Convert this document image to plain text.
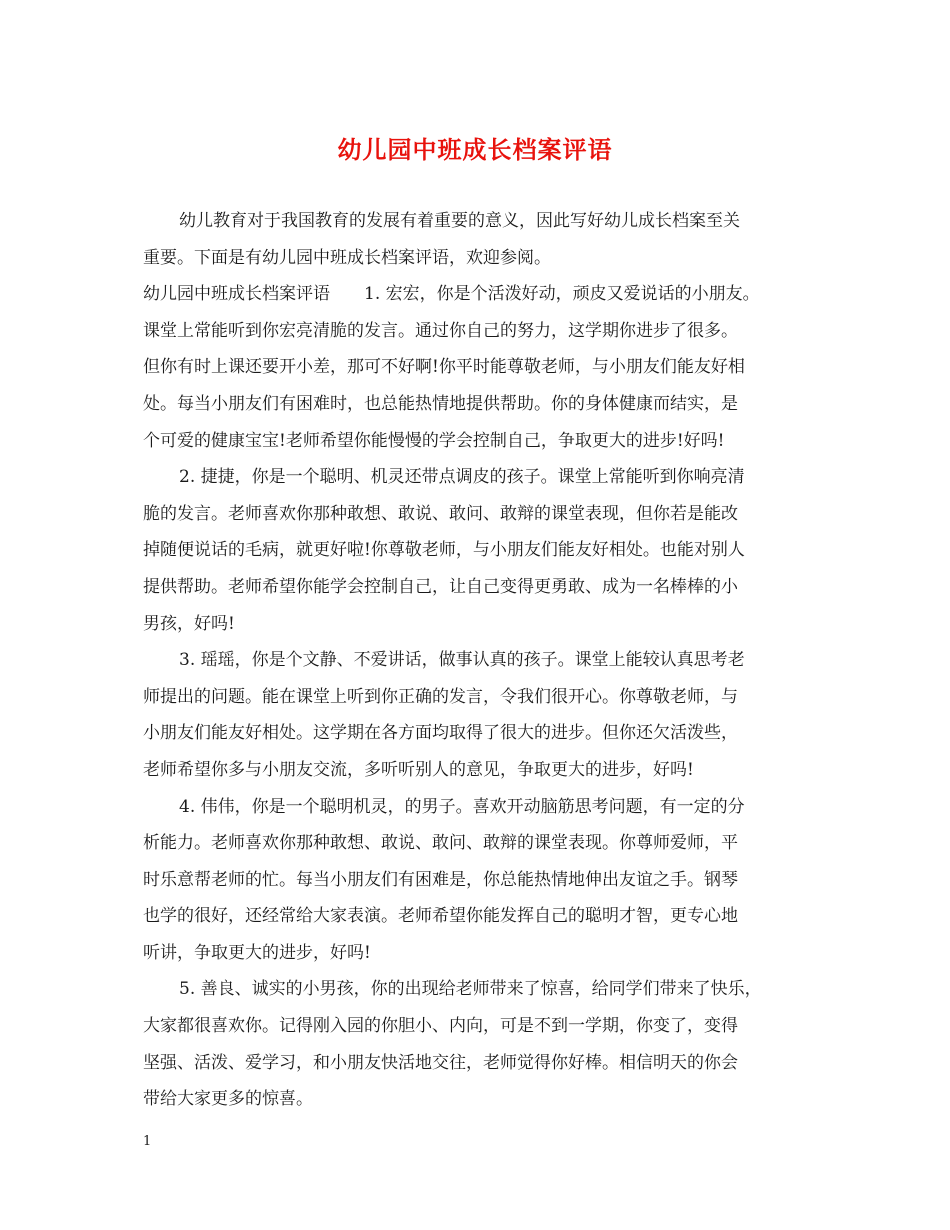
幼儿园中班成长档案评语
幼儿教育对于我国教育的发展有着重要的意义，因此写好幼儿成长档案至关
重要。下面是有幼儿园中班成长档案评语，欢迎参阅。
幼儿园中班成长档案评语　　1. 宏宏，你是个活泼好动，顽皮又爱说话的小朋友。
课堂上常能听到你宏亮清脆的发言。通过你自己的努力，这学期你进步了很多。
但你有时上课还要开小差，那可不好啊!你平时能尊敬老师，与小朋友们能友好相
处。每当小朋友们有困难时，也总能热情地提供帮助。你的身体健康而结实，是
个可爱的健康宝宝!老师希望你能慢慢的学会控制自己，争取更大的进步!好吗!
2. 捷捷，你是一个聪明、机灵还带点调皮的孩子。课堂上常能听到你响亮清
脆的发言。老师喜欢你那种敢想、敢说、敢问、敢辩的课堂表现，但你若是能改
掉随便说话的毛病，就更好啦!你尊敬老师，与小朋友们能友好相处。也能对别人
提供帮助。老师希望你能学会控制自己，让自己变得更勇敢、成为一名棒棒的小
男孩，好吗!
3. 瑶瑶，你是个文静、不爱讲话，做事认真的孩子。课堂上能较认真思考老
师提出的问题。能在课堂上听到你正确的发言，令我们很开心。你尊敬老师，与
小朋友们能友好相处。这学期在各方面均取得了很大的进步。但你还欠活泼些，
老师希望你多与小朋友交流，多听听别人的意见，争取更大的进步，好吗!
4. 伟伟，你是一个聪明机灵，的男子。喜欢开动脑筋思考问题，有一定的分
析能力。老师喜欢你那种敢想、敢说、敢问、敢辩的课堂表现。你尊师爱师，平
时乐意帮老师的忙。每当小朋友们有困难是，你总能热情地伸出友谊之手。钢琴
也学的很好，还经常给大家表演。老师希望你能发挥自己的聪明才智，更专心地
听讲，争取更大的进步，好吗!
5. 善良、诚实的小男孩，你的出现给老师带来了惊喜，给同学们带来了快乐，
大家都很喜欢你。记得刚入园的你胆小、内向，可是不到一学期，你变了，变得
坚强、活泼、爱学习，和小朋友快活地交往，老师觉得你好棒。相信明天的你会
带给大家更多的惊喜。
1
